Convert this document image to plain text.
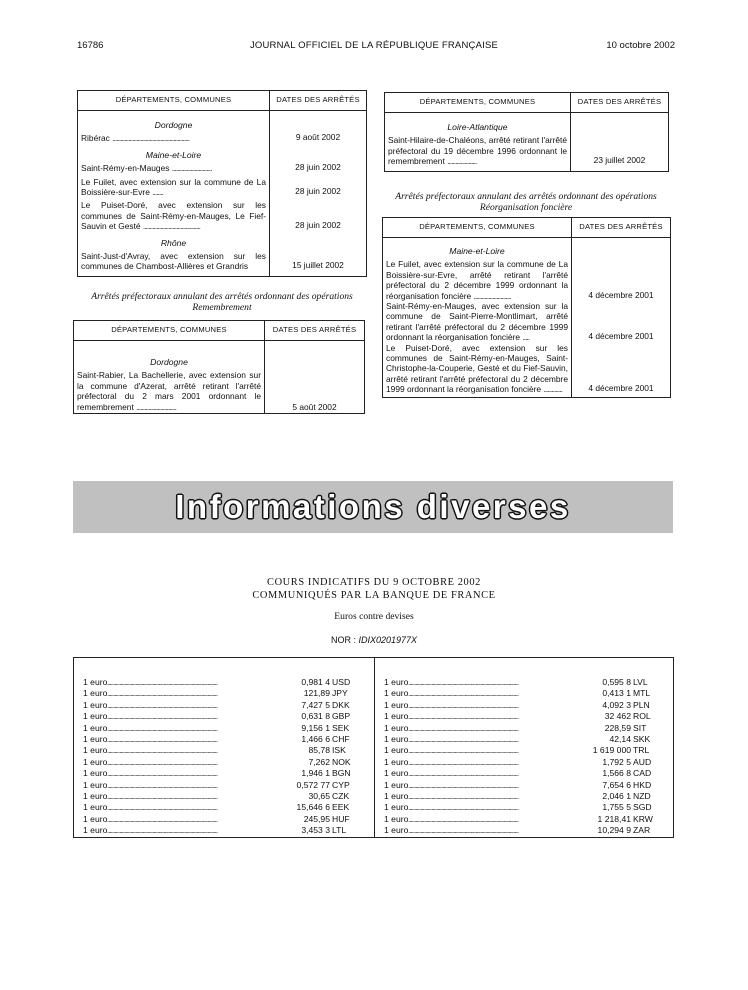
16786	JOURNAL OFFICIEL DE LA RÉPUBLIQUE FRANÇAISE	10 octobre 2002
DÉPARTEMENTS, COMMUNES	DATES DES ARRÊTÉS

Dordogne
Ribérac ..........................................................	9 août 2002

Maine-et-Loire
Saint-Rémy-en-Mauges ..............................	28 juin 2002

Le Fuilet, avec extension sur la commune de La Boissière-sur-Evre ........	28 juin 2002

Le Puiset-Doré, avec extension sur les communes de Saint-Rémy-en-Mauges, Le Fief-Sauvin et Gesté ...........................................	28 juin 2002

Rhône
Saint-Just-d'Avray, avec extension sur les communes de Chambost-Allières et Grandris	15 juillet 2002
Arrêtés préfectoraux annulant des arrêtés ordonnant des opérations Remembrement
DÉPARTEMENTS, COMMUNES	DATES DES ARRÊTÉS

Dordogne
Saint-Rabier, La Bachellerie, avec extension sur la commune d'Azerat, arrêté retirant l'arrêté préfectoral du 2 mars 2001 ordonnant le remembrement ..............................	5 août 2002
DÉPARTEMENTS, COMMUNES	DATES DES ARRÊTÉS

Loire-Atlantique
Saint-Hilaire-de-Chaléons, arrêté retirant l'arrêté préfectoral du 19 décembre 1996 ordonnant le remembrement ......................	23 juillet 2002
Arrêtés préfectoraux annulant des arrêtés ordonnant des opérations Réorganisation foncière
DÉPARTEMENTS, COMMUNES	DATES DES ARRÊTÉS

Maine-et-Loire
Le Fuilet, avec extension sur la commune de La Boissière-sur-Evre, arrêté retirant l'arrêté préfectoral du 2 décembre 1999 ordonnant la réorganisation foncière ............................	4 décembre 2001

Saint-Rémy-en-Mauges, avec extension sur la commune de Saint-Pierre-Montlimart, arrêté retirant l'arrêté préfectoral du 2 décembre 1999 ordonnant la réorganisation foncière .....	4 décembre 2001

Le Puiset-Doré, avec extension sur les communes de Saint-Rémy-en-Mauges, Saint-Christophe-la-Couperie, Gesté et du Fief-Sauvin, arrêté retirant l'arrêté préfectoral du 2 décembre 1999 ordonnant la réorganisation foncière ..............	4 décembre 2001
Informations diverses
COURS INDICATIFS DU 9 OCTOBRE 2002
COMMUNIQUÉS PAR LA BANQUE DE FRANCE
Euros contre devises
NOR : IDIX0201977X
..........................................................................................
1 euro	0,981 4 USD
..........................................................................................
1 euro	121,89 JPY
..........................................................................................
1 euro	7,427 5 DKK
..........................................................................................
1 euro	0,631 8 GBP
..........................................................................................
1 euro	9,156 1 SEK
..........................................................................................
1 euro	1,466 6 CHF
..........................................................................................
1 euro	85,78 ISK
..........................................................................................
1 euro	7,262 NOK
..........................................................................................
1 euro	1,946 1 BGN
..........................................................................................
1 euro	0,572 77 CYP
..........................................................................................
1 euro	30,65 CZK
..........................................................................................
1 euro	15,646 6 EEK
..........................................................................................
1 euro	245,95 HUF
..........................................................................................
1 euro	3,453 3 LTL
..........................................................................................
1 euro	0,595 8 LVL
..........................................................................................
1 euro	0,413 1 MTL
..........................................................................................
1 euro	4,092 3 PLN
..........................................................................................
1 euro	32 462 ROL
..........................................................................................
1 euro	228,59 SIT
..........................................................................................
1 euro	42,14 SKK
..........................................................................................
1 euro	1 619 000 TRL
..........................................................................................
1 euro	1,792 5 AUD
..........................................................................................
1 euro	1,566 8 CAD
..........................................................................................
1 euro	7,654 6 HKD
..........................................................................................
1 euro	2,046 1 NZD
..........................................................................................
1 euro	1,755 5 SGD
..........................................................................................
1 euro	1 218,41 KRW
..........................................................................................
1 euro	10,294 9 ZAR
